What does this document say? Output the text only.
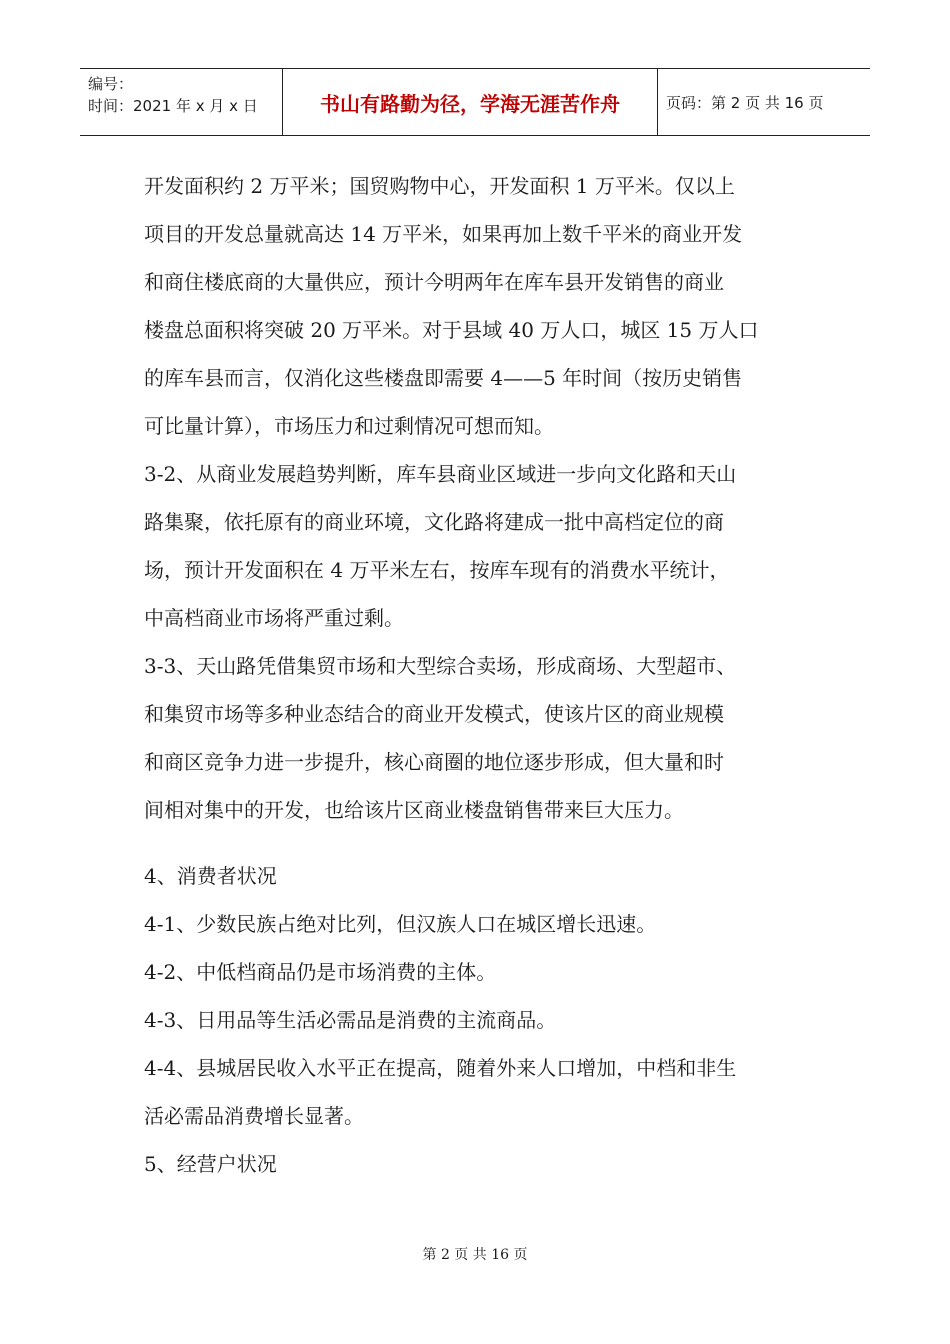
编号：
时间：2021 年 x 月 x 日	书山有路勤为径，学海无涯苦作舟	页码：第 2 页 共 16 页
开发面积约 2 万平米；国贸购物中心，开发面积 1 万平米。仅以上
项目的开发总量就高达 14 万平米，如果再加上数千平米的商业开发
和商住楼底商的大量供应，预计今明两年在库车县开发销售的商业
楼盘总面积将突破 20 万平米。对于县域 40 万人口，城区 15 万人口
的库车县而言，仅消化这些楼盘即需要 4——5 年时间（按历史销售
可比量计算），市场压力和过剩情况可想而知。
3-2、从商业发展趋势判断，库车县商业区域进一步向文化路和天山
路集聚，依托原有的商业环境，文化路将建成一批中高档定位的商
场，预计开发面积在 4 万平米左右，按库车现有的消费水平统计，
中高档商业市场将严重过剩。
3-3、天山路凭借集贸市场和大型综合卖场，形成商场、大型超市、
和集贸市场等多种业态结合的商业开发模式，使该片区的商业规模
和商区竞争力进一步提升，核心商圈的地位逐步形成，但大量和时
间相对集中的开发，也给该片区商业楼盘销售带来巨大压力。
4、消费者状况
4-1、少数民族占绝对比列，但汉族人口在城区增长迅速。
4-2、中低档商品仍是市场消费的主体。
4-3、日用品等生活必需品是消费的主流商品。
4-4、县城居民收入水平正在提高，随着外来人口增加，中档和非生
活必需品消费增长显著。
5、经营户状况
第 2 页 共 16 页
